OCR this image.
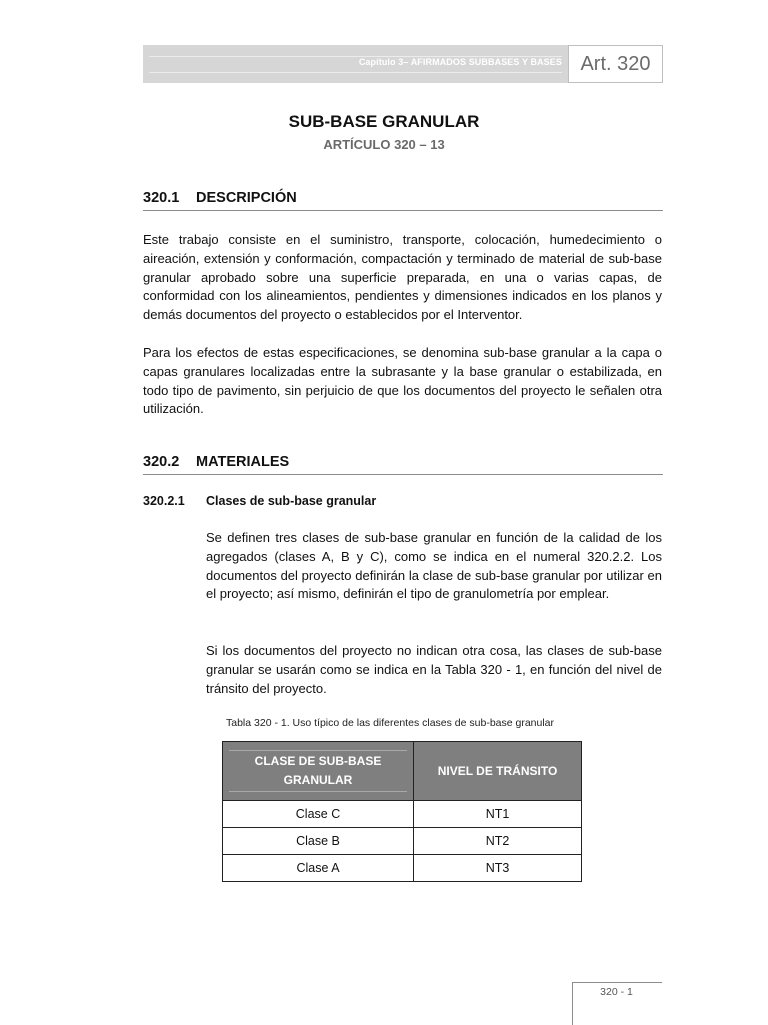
Capítulo 3– AFIRMADOS SUBBASES Y BASES Art. 320
SUB-BASE GRANULAR
ARTÍCULO 320 – 13
320.1 DESCRIPCIÓN

Este trabajo consiste en el suministro, transporte, colocación, humedecimiento o aireación, extensión y conformación, compactación y terminado de material de sub-base granular aprobado sobre una superficie preparada, en una o varias capas, de conformidad con los alineamientos, pendientes y dimensiones indicados en los planos y demás documentos del proyecto o establecidos por el Interventor.

Para los efectos de estas especificaciones, se denomina sub-base granular a la capa o capas granulares localizadas entre la subrasante y la base granular o estabilizada, en todo tipo de pavimento, sin perjuicio de que los documentos del proyecto le señalen otra utilización.

320.2 MATERIALES
320.2.1 Clases de sub-base granular

Se definen tres clases de sub-base granular en función de la calidad de los agregados (clases A, B y C), como se indica en el numeral 320.2.2. Los documentos del proyecto definirán la clase de sub-base granular por utilizar en el proyecto; así mismo, definirán el tipo de granulometría por emplear.

Si los documentos del proyecto no indican otra cosa, las clases de sub-base granular se usarán como se indica en la Tabla 320 - 1, en función del nivel de tránsito del proyecto.

Tabla 320 - 1. Uso típico de las diferentes clases de sub-base granular
CLASE DE SUB-BASE GRANULAR	NIVEL DE TRÁNSITO

Clase C	NT1
Clase B	NT2
Clase A	NT3
320 - 1
